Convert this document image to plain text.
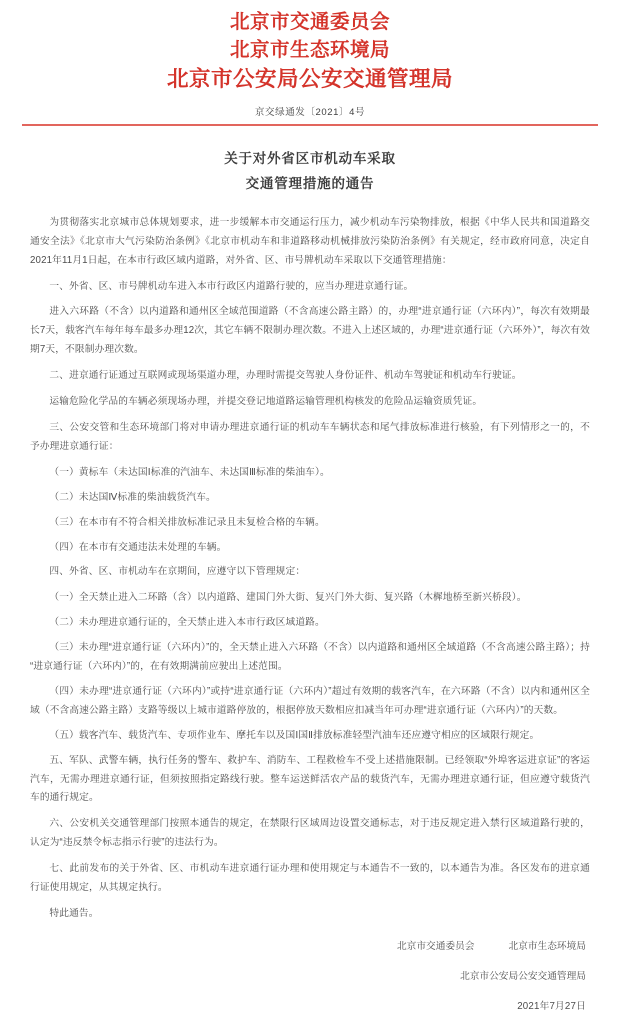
北京市交通委员会
北京市生态环境局
北京市公安局公安交通管理局
京交绿通发〔2021〕4号
关于对外省区市机动车采取
交通管理措施的通告

为贯彻落实北京城市总体规划要求，进一步缓解本市交通运行压力，减少机动车污染物排放，根据《中华人民共和国道路交通安全法》《北京市大气污染防治条例》《北京市机动车和非道路移动机械排放污染防治条例》有关规定，经市政府同意，决定自2021年11月1日起，在本市行政区域内道路，对外省、区、市号牌机动车采取以下交通管理措施：

一、外省、区、市号牌机动车进入本市行政区内道路行驶的，应当办理进京通行证。

进入六环路（不含）以内道路和通州区全域范围道路（不含高速公路主路）的，办理“进京通行证（六环内）”，每次有效期最长7天，载客汽车每年每车最多办理12次，其它车辆不限制办理次数。不进入上述区域的，办理“进京通行证（六环外）”，每次有效期7天，不限制办理次数。

二、进京通行证通过互联网或现场渠道办理，办理时需提交驾驶人身份证件、机动车驾驶证和机动车行驶证。

运输危险化学品的车辆必须现场办理，并提交登记地道路运输管理机构核发的危险品运输资质凭证。

三、公安交管和生态环境部门将对申请办理进京通行证的机动车车辆状态和尾气排放标准进行核验，有下列情形之一的，不予办理进京通行证：

（一）黄标车（未达国Ⅰ标准的汽油车、未达国Ⅲ标准的柴油车）。

（二）未达国Ⅳ标准的柴油载货汽车。

（三）在本市有不符合相关排放标准记录且未复检合格的车辆。

（四）在本市有交通违法未处理的车辆。

四、外省、区、市机动车在京期间，应遵守以下管理规定：

（一）全天禁止进入二环路（含）以内道路、建国门外大街、复兴门外大街、复兴路（木樨地桥至新兴桥段）。

（二）未办理进京通行证的，全天禁止进入本市行政区域道路。

（三）未办理“进京通行证（六环内）”的，全天禁止进入六环路（不含）以内道路和通州区全域道路（不含高速公路主路）；持“进京通行证（六环内）”的，在有效期满前应驶出上述范围。

（四）未办理“进京通行证（六环内）”或持“进京通行证（六环内）”超过有效期的载客汽车，在六环路（不含）以内和通州区全域（不含高速公路主路）支路等级以上城市道路停放的，根据停放天数相应扣减当年可办理“进京通行证（六环内）”的天数。

（五）载客汽车、载货汽车、专项作业车、摩托车以及国Ⅰ国Ⅱ排放标准轻型汽油车还应遵守相应的区域限行规定。

五、军队、武警车辆，执行任务的警车、救护车、消防车、工程救检车不受上述措施限制。已经领取“外埠客运进京证”的客运汽车，无需办理进京通行证，但须按照指定路线行驶。整车运送鲜活农产品的载货汽车，无需办理进京通行证，但应遵守载货汽车的通行规定。

六、公安机关交通管理部门按照本通告的规定，在禁限行区域周边设置交通标志，对于违反规定进入禁行区域道路行驶的，认定为“违反禁令标志指示行驶”的违法行为。

七、此前发布的关于外省、区、市机动车进京通行证办理和使用规定与本通告不一致的，以本通告为准。各区发布的进京通行证使用规定，从其规定执行。

特此通告。

北京市交通委员会	北京市生态环境局
北京市公安局公安交通管理局
2021年7月27日
